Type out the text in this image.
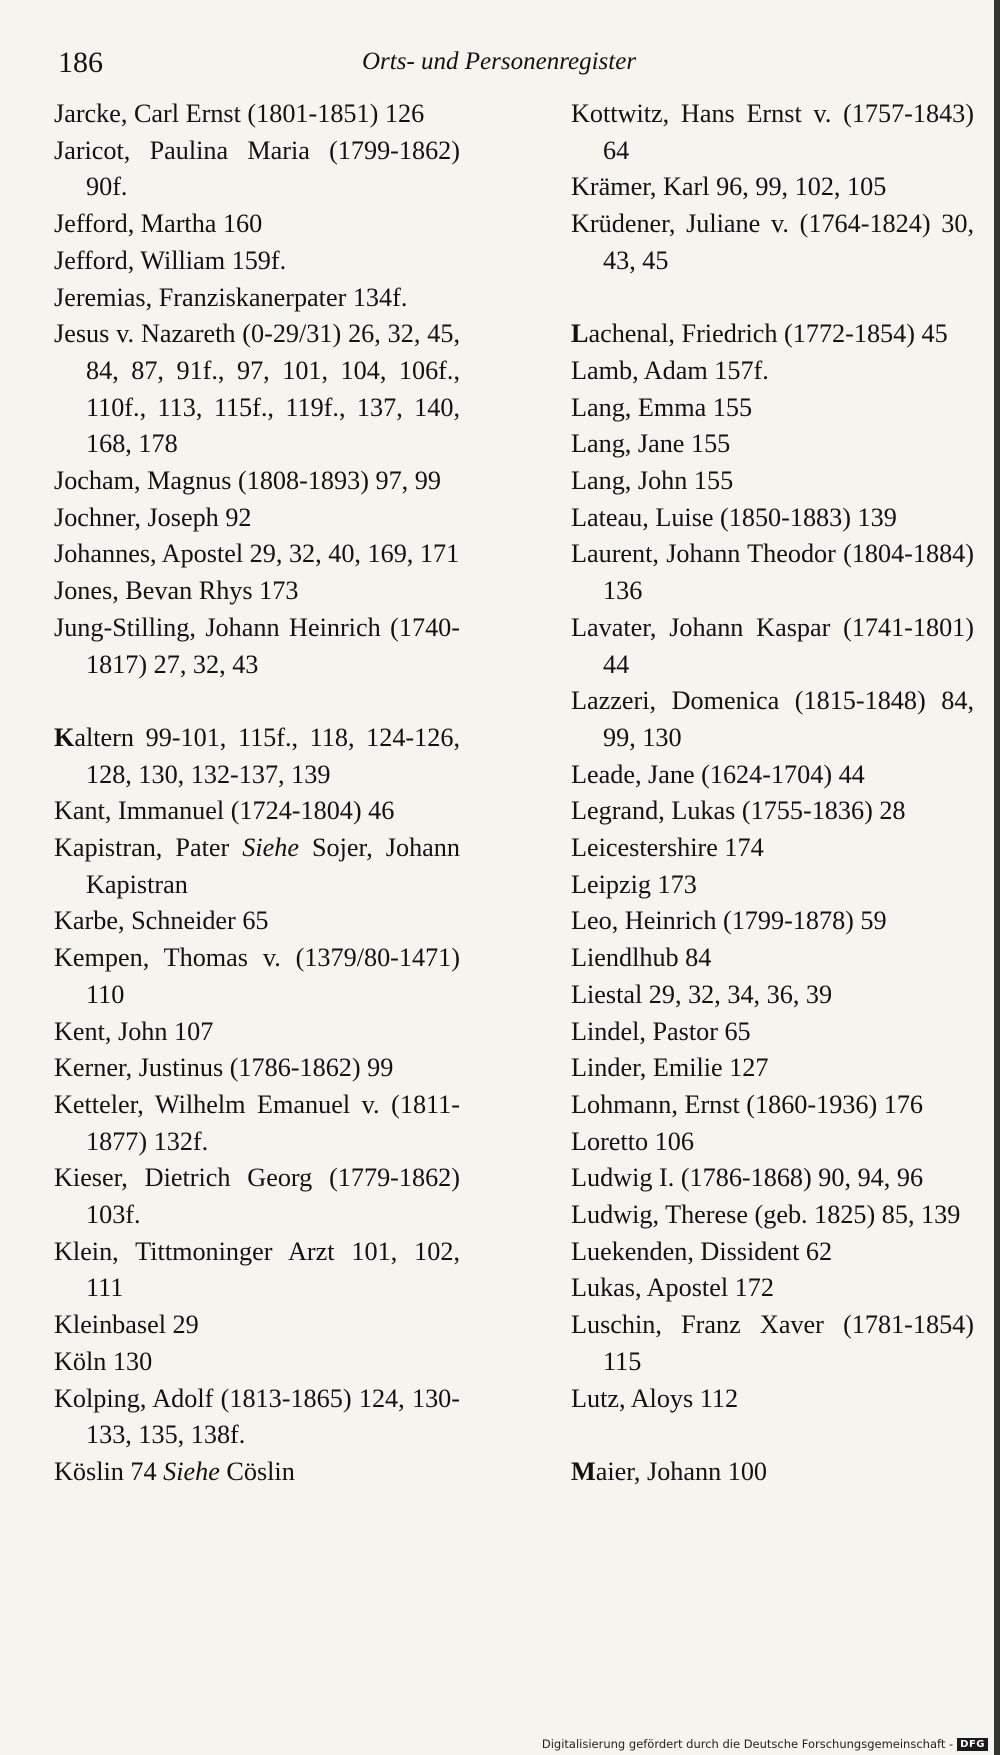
186	Orts- und Personenregister
Jarcke, Carl Ernst (1801-1851) 126
Jaricot, Paulina Maria (1799-1862) 90f.
Jefford, Martha 160
Jefford, William 159f.
Jeremias, Franziskanerpater 134f.
Jesus v. Nazareth (0-29/31) 26, 32, 45, 84, 87, 91f., 97, 101, 104, 106f., 110f., 113, 115f., 119f., 137, 140, 168, 178
Jocham, Magnus (1808-1893) 97, 99
Jochner, Joseph 92
Johannes, Apostel 29, 32, 40, 169, 171
Jones, Bevan Rhys 173
Jung-Stilling, Johann Heinrich (1740-1817) 27, 32, 43
Kaltern 99-101, 115f., 118, 124-126, 128, 130, 132-137, 139
Kant, Immanuel (1724-1804) 46
Kapistran, Pater Siehe Sojer, Johann Kapistran
Karbe, Schneider 65
Kempen, Thomas v. (1379/80-1471) 110
Kent, John 107
Kerner, Justinus (1786-1862) 99
Ketteler, Wilhelm Emanuel v. (1811-1877) 132f.
Kieser, Dietrich Georg (1779-1862) 103f.
Klein, Tittmoninger Arzt 101, 102, 111
Kleinbasel 29
Köln 130
Kolping, Adolf (1813-1865) 124, 130-133, 135, 138f.
Köslin 74 Siehe Cöslin
Kottwitz, Hans Ernst v. (1757-1843) 64
Krämer, Karl 96, 99, 102, 105
Krüdener, Juliane v. (1764-1824) 30, 43, 45
Lachenal, Friedrich (1772-1854) 45
Lamb, Adam 157f.
Lang, Emma 155
Lang, Jane 155
Lang, John 155
Lateau, Luise (1850-1883) 139
Laurent, Johann Theodor (1804-1884) 136
Lavater, Johann Kaspar (1741-1801) 44
Lazzeri, Domenica (1815-1848) 84, 99, 130
Leade, Jane (1624-1704) 44
Legrand, Lukas (1755-1836) 28
Leicestershire 174
Leipzig 173
Leo, Heinrich (1799-1878) 59
Liendlhub 84
Liestal 29, 32, 34, 36, 39
Lindel, Pastor 65
Linder, Emilie 127
Lohmann, Ernst (1860-1936) 176
Loretto 106
Ludwig I. (1786-1868) 90, 94, 96
Ludwig, Therese (geb. 1825) 85, 139
Luekenden, Dissident 62
Lukas, Apostel 172
Luschin, Franz Xaver (1781-1854) 115
Lutz, Aloys 112
Maier, Johann 100
Digitalisierung gefördert durch die Deutsche Forschungsgemeinschaft - DFG
